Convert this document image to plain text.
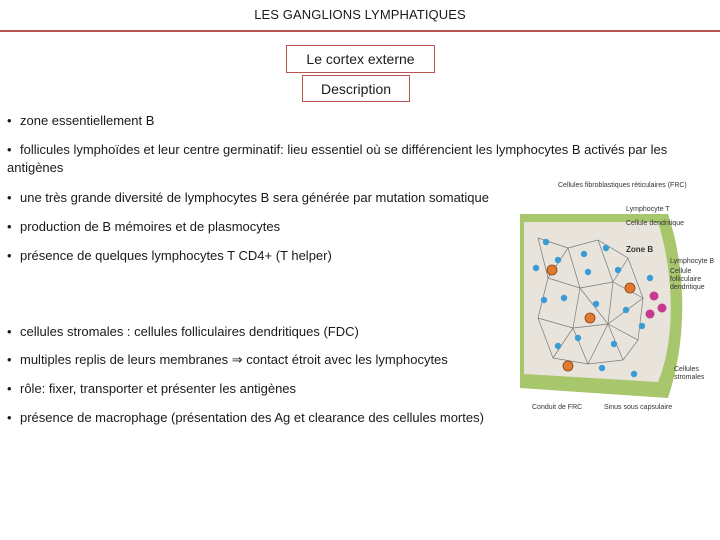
LES GANGLIONS LYMPHATIQUES
Le cortex externe
Description

• zone essentiellement B

• follicules lymphoïdes et leur centre germinatif: lieu essentiel où se différencient les lymphocytes B activés par les antigènes

• une très grande diversité de lymphocytes B sera générée par mutation somatique

• production de B mémoires et de plasmocytes

• présence de quelques lymphocytes T CD4+ (T helper)

• cellules stromales : cellules folliculaires dendritiques (FDC)

• multiples replis de leurs membranes ⇒ contact étroit avec les lymphocytes

• rôle: fixer, transporter et présenter les antigènes

• présence de macrophage (présentation des Ag et clearance des cellules mortes)

Cellules fibroblastiques réticulaires (FRC)
Lymphocyte T
Cellule dendritique
Zone B
Lymphocyte B
Cellule folliculaire dendritique
Cellules stromales
Conduit de FRC	Sinus sous capsulaire
